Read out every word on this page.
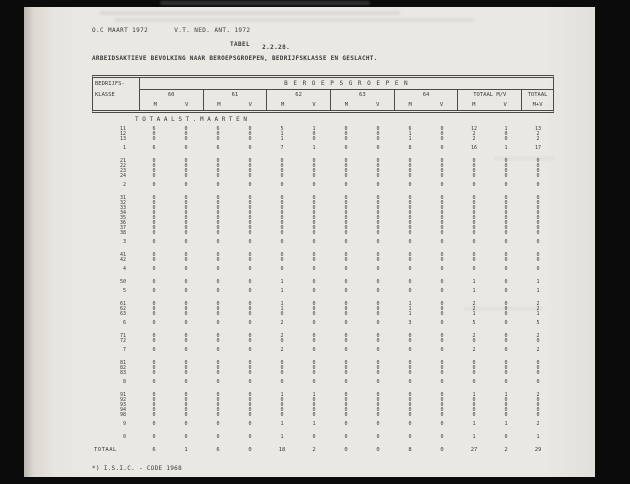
O.C MAART 1972	V.T. NED. ANT. 1972
TABEL 2.2.28.
ARBEIDSAKTIEVE BEVOLKING NAAR BEROEPSGROEPEN, BEDRIJFSKLASSE EN GESLACHT.
BEDRIJFS-	B E R O E P S G R O E P E N
KLASSE	60	61	62	63	64	TOTAAL M/V	TOTAAL
M	V	M	V	M	V	M	V	M	V	M	V	M+V
T O T A A L S T . M A A R T E N
11	6	0	6	0	5	1	0	0	6	0	12	1	13
12	0	0	0	0	1	0	0	0	1	0	2	0	2
13	0	0	0	0	1	0	0	0	1	0	2	0	2
1	6	0	6	0	7	1	0	0	8	0	16	1	17
21	0	0	0	0	0	0	0	0	0	0	0	0	0
22	0	0	0	0	0	0	0	0	0	0	0	0	0
23	0	0	0	0	0	0	0	0	0	0	0	0	0
24	0	0	0	0	0	0	0	0	0	0	0	0	0
2	0	0	0	0	0	0	0	0	0	0	0	0	0
31	0	0	0	0	0	0	0	0	0	0	0	0	0
32	0	0	0	0	0	0	0	0	0	0	0	0	0
33	0	0	0	0	0	0	0	0	0	0	0	0	0
34	0	0	0	0	0	0	0	0	0	0	0	0	0
35	0	0	0	0	0	0	0	0	0	0	0	0	0
36	0	0	0	0	0	0	0	0	0	0	0	0	0
37	0	0	0	0	0	0	0	0	0	0	0	0	0
38	0	0	0	0	0	0	0	0	0	0	0	0	0
3	0	0	0	0	0	0	0	0	0	0	0	0	0
41	0	0	0	0	0	0	0	0	0	0	0	0	0
42	0	0	0	0	0	0	0	0	0	0	0	0	0
4	0	0	0	0	0	0	0	0	0	0	0	0	0
50	0	0	0	0	1	0	0	0	0	0	1	0	1
5	0	0	0	0	1	0	0	0	0	0	1	0	1
61	0	0	0	0	1	0	0	0	1	0	2	0	2
62	0	0	0	0	1	0	0	0	1	0	2	0	2
63	0	0	0	0	0	0	0	0	1	0	1	0	1
6	0	0	0	0	2	0	0	0	3	0	5	0	5
71	0	0	0	0	2	0	0	0	0	0	2	0	2
72	0	0	0	0	0	0	0	0	0	0	0	0	0
7	0	0	0	0	2	0	0	0	0	0	2	0	2
81	0	0	0	0	0	0	0	0	0	0	0	0	0
82	0	0	0	0	0	0	0	0	0	0	0	0	0
83	0	0	0	0	0	0	0	0	0	0	0	0	0
8	0	0	0	0	0	0	0	0	0	0	0	0	0
91	0	0	0	0	1	1	0	0	0	0	1	1	2
92	0	0	0	0	0	0	0	0	0	0	0	0	0
93	0	0	0	0	0	0	0	0	0	0	0	0	0
94	0	0	0	0	0	0	0	0	0	0	0	0	0
98	0	0	0	0	0	0	0	0	0	0	0	0	0
9	0	0	0	0	1	1	0	0	0	0	1	1	2
0	0	0	0	0	1	0	0	0	0	0	1	0	1
TOTAAL	6	1	6	0	18	2	0	0	8	0	27	2	29
*) I.S.I.C. - CODE 1968
